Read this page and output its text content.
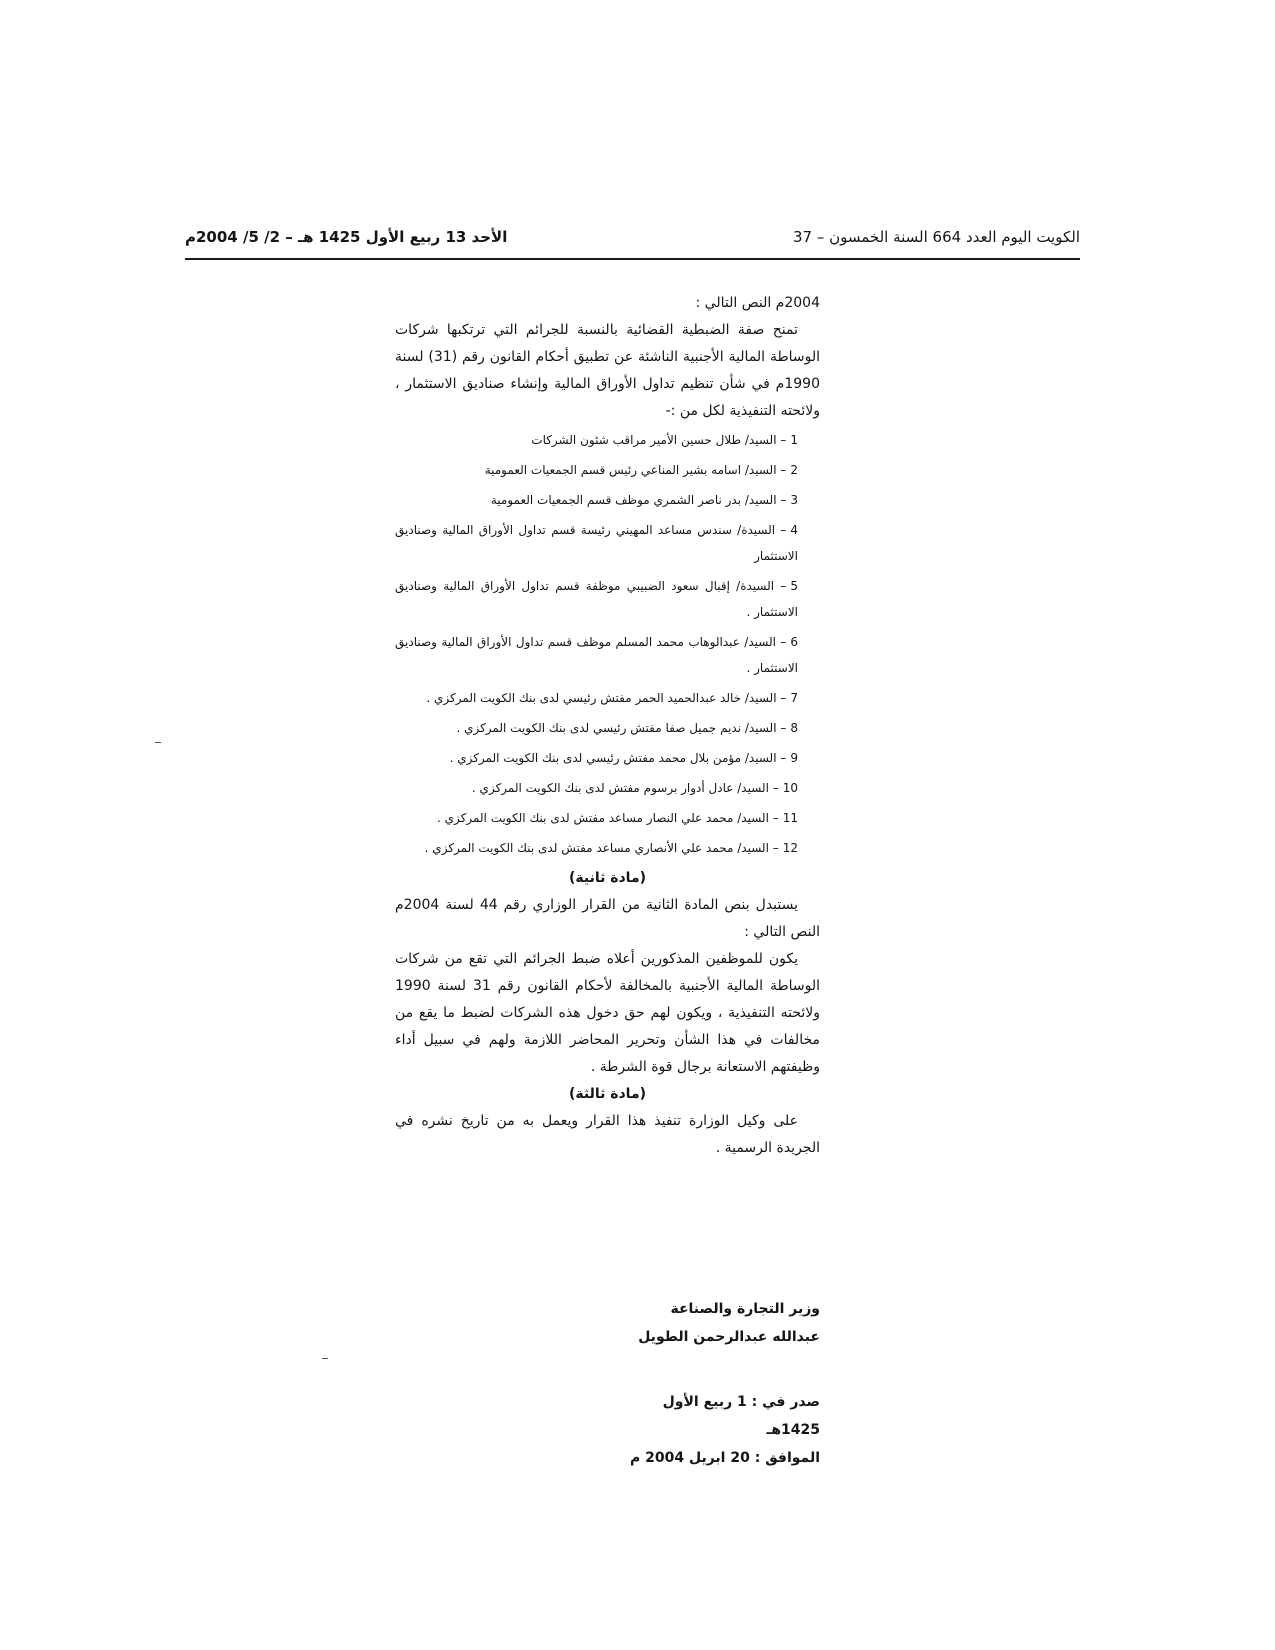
الكويت اليوم العدد 664 السنة الخمسون – 37
الأحد 13 ربيع الأول 1425 هـ – 2/ 5/ 2004م

2004م النص التالي :

تمنح صفة الضبطية القضائية بالنسبة للجرائم التي ترتكبها شركات الوساطة المالية الأجنبية الناشئة عن تطبيق أحكام القانون رقم (31) لسنة 1990م في شأن تنظيم تداول الأوراق المالية وإنشاء صناديق الاستثمار ، ولائحته التنفيذية لكل من :-

1– السيد/ طلال حسين الأمير مراقب شئون الشركات
2– السيد/ اسامه بشير المناعي رئيس قسم الجمعيات العمومية
3– السيد/ بدر ناصر الشمري موظف قسم الجمعيات العمومية
4– السيدة/ سندس مساعد المهيني رئيسة قسم تداول الأوراق المالية وصناديق الاستثمار
5– السيدة/ إقبال سعود الضبيبي موظفة قسم تداول الأوراق المالية وصناديق الاستثمار .
6– السيد/ عبدالوهاب محمد المسلم موظف قسم تداول الأوراق المالية وصناديق الاستثمار .
7– السيد/ خالد عبدالحميد الحمر مفتش رئيسي لدى بنك الكويت المركزي .
8– السيد/ نديم جميل صفا مفتش رئيسي لدى بنك الكويت المركزي .
9– السيد/ مؤمن بلال محمد مفتش رئيسي لدى بنك الكويت المركزي .
10– السيد/ عادل أدوار برسوم مفتش لدى بنك الكويت المركزي .
11– السيد/ محمد علي النصار مساعد مفتش لدى بنك الكويت المركزي .
12– السيد/ محمد علي الأنصاري مساعد مفتش لدى بنك الكويت المركزي .

(مادة ثانية)

يستبدل بنص المادة الثانية من القرار الوزاري رقم 44 لسنة 2004م النص التالي :

يكون للموظفين المذكورين أعلاه ضبط الجرائم التي تقع من شركات الوساطة المالية الأجنبية بالمخالفة لأحكام القانون رقم 31 لسنة 1990 ولائحته التنفيذية ، ويكون لهم حق دخول هذه الشركات لضبط ما يقع من مخالفات في هذا الشأن وتحرير المحاضر اللازمة ولهم في سبيل أداء وظيفتهم الاستعانة برجال قوة الشرطة .

(مادة ثالثة)

على وكيل الوزارة تنفيذ هذا القرار ويعمل به من تاريخ نشره في الجريدة الرسمية .

وزير التجارة والصناعة
عبدالله عبدالرحمن الطويل
صدر في : 1 ربيع الأول 1425هـ
الموافق : 20 ابريل 2004 م
